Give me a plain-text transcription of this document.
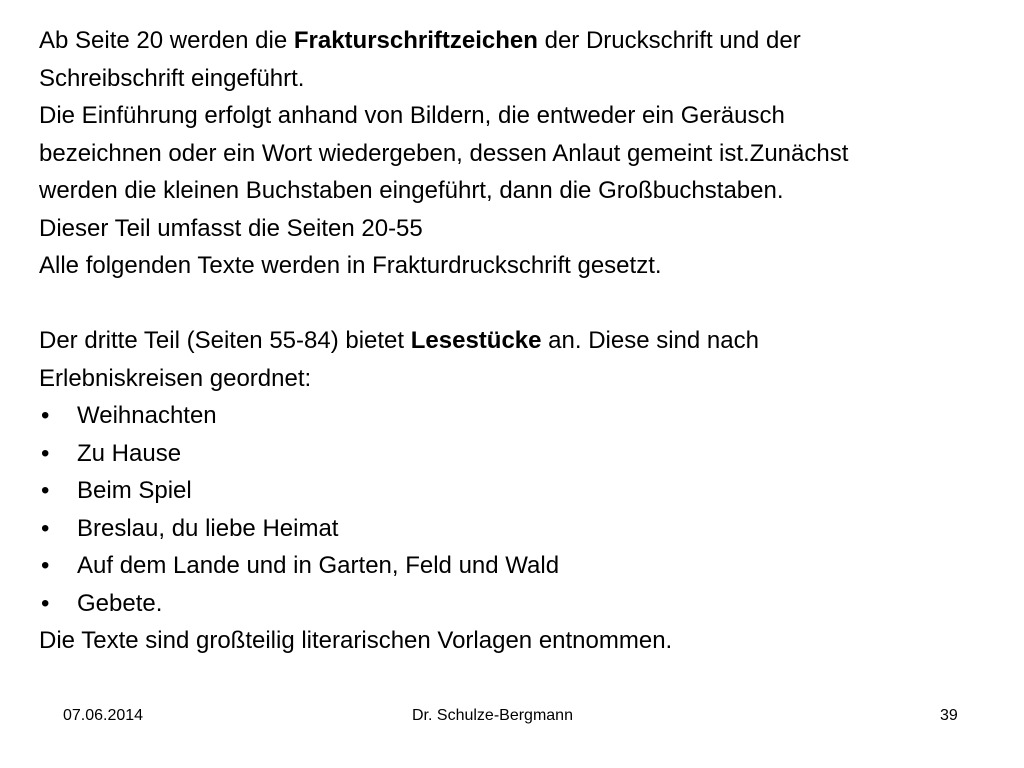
Ab Seite 20 werden die Frakturschriftzeichen der Druckschrift und der
Schreibschrift eingeführt.
Die Einführung erfolgt anhand von Bildern, die entweder ein Geräusch
bezeichnen oder ein Wort wiedergeben, dessen Anlaut gemeint ist.Zunächst
werden die kleinen Buchstaben eingeführt, dann die Großbuchstaben.
Dieser Teil umfasst die Seiten 20-55
Alle folgenden Texte werden in Frakturdruckschrift gesetzt.
Der dritte Teil (Seiten 55-84) bietet Lesestücke an. Diese sind nach
Erlebniskreisen geordnet:
•	Weihnachten
•	Zu Hause
•	Beim Spiel
•	Breslau, du liebe Heimat
•	Auf dem Lande und in Garten, Feld und Wald
•	Gebete.
Die Texte sind großteilig literarischen Vorlagen entnommen.
07.06.2014	Dr. Schulze-Bergmann	39
